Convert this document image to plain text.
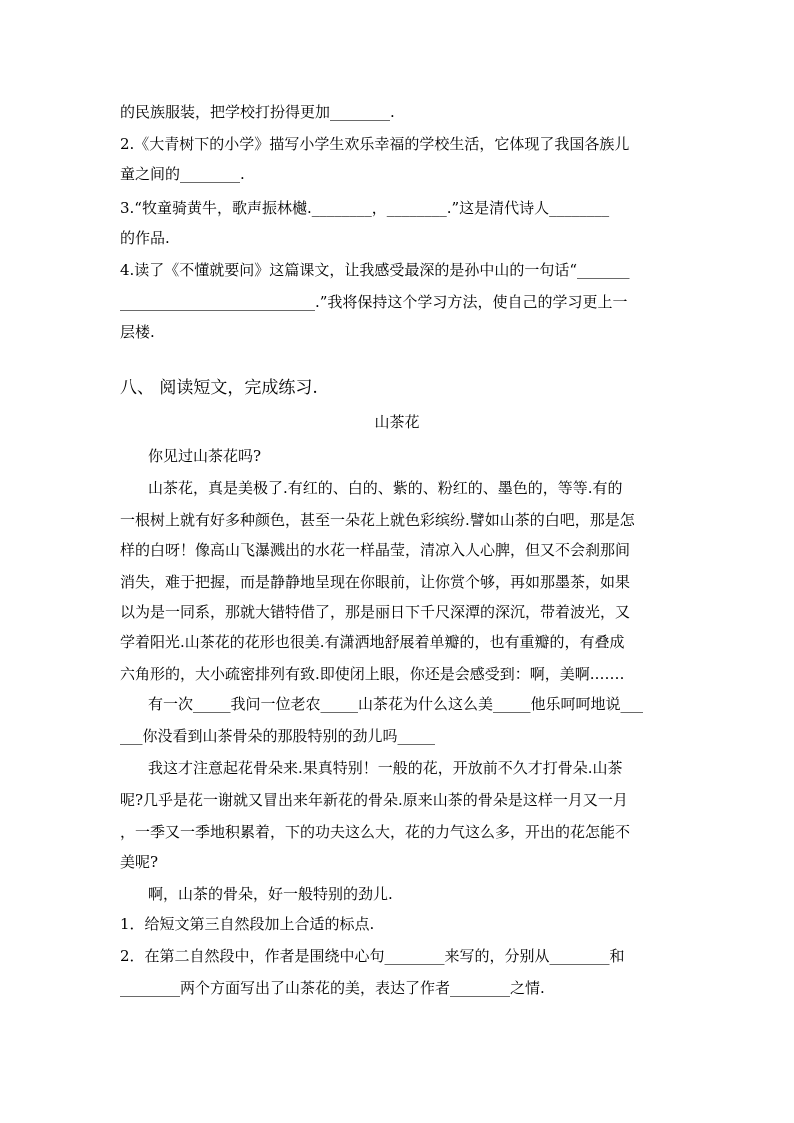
的民族服装，把学校打扮得更加________.
2.《大青树下的小学》描写小学生欢乐幸福的学校生活，它体现了我国各族儿
童之间的________.
3.“牧童骑黄牛，歌声振林樾.________，________.”这是清代诗人________
的作品.
4.读了《不懂就要问》这篇课文，让我感受最深的是孙中山的一句话“_______
__________________________.”我将保持这个学习方法，使自己的学习更上一
层楼.
八、 阅读短文，完成练习.
山茶花
你见过山茶花吗?
山茶花，真是美极了.有红的、白的、紫的、粉红的、墨色的，等等.有的
一根树上就有好多种颜色，甚至一朵花上就色彩缤纷.譬如山茶的白吧，那是怎
样的白呀！像高山飞瀑溅出的水花一样晶莹，清凉入人心脾，但又不会刹那间
消失，难于把握，而是静静地呈现在你眼前，让你赏个够，再如那墨茶，如果
以为是一同系，那就大错特借了，那是丽日下千尺深潭的深沉，带着波光，又
学着阳光.山茶花的花形也很美.有潇洒地舒展着单瓣的，也有重瓣的，有叠成
六角形的，大小疏密排列有致.即使闭上眼，你还是会感受到：啊，美啊.……
有一次_____我问一位老农_____山茶花为什么这么美_____他乐呵呵地说___
___你没看到山茶骨朵的那股特别的劲儿吗_____
我这才注意起花骨朵来.果真特别！一般的花，开放前不久才打骨朵.山茶
呢?几乎是花一谢就又冒出来年新花的骨朵.原来山茶的骨朵是这样一月又一月
，一季又一季地积累着，下的功夫这么大，花的力气这么多，开出的花怎能不
美呢?
啊，山茶的骨朵，好一般特别的劲儿.
1．给短文第三自然段加上合适的标点.
2．在第二自然段中，作者是围绕中心句________来写的，分别从________和
________两个方面写出了山茶花的美，表达了作者________之情.
